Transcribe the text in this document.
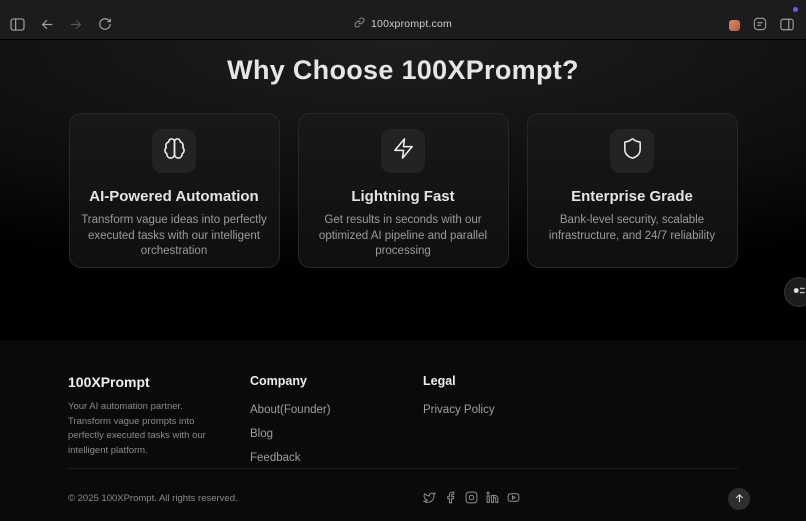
100xprompt.com
Why Choose 100XPrompt?
AI-Powered Automation

Transform vague ideas into perfectly executed tasks with our intelligent orchestration

Lightning Fast

Get results in seconds with our optimized AI pipeline and parallel processing

Enterprise Grade

Bank-level security, scalable infrastructure, and 24/7 reliability

100XPrompt

Your AI automation partner. Transform vague prompts into perfectly executed tasks with our intelligent platform.

Company
About(Founder)
Blog
Feedback
Legal
Privacy Policy
© 2025 100XPrompt. All rights reserved.
